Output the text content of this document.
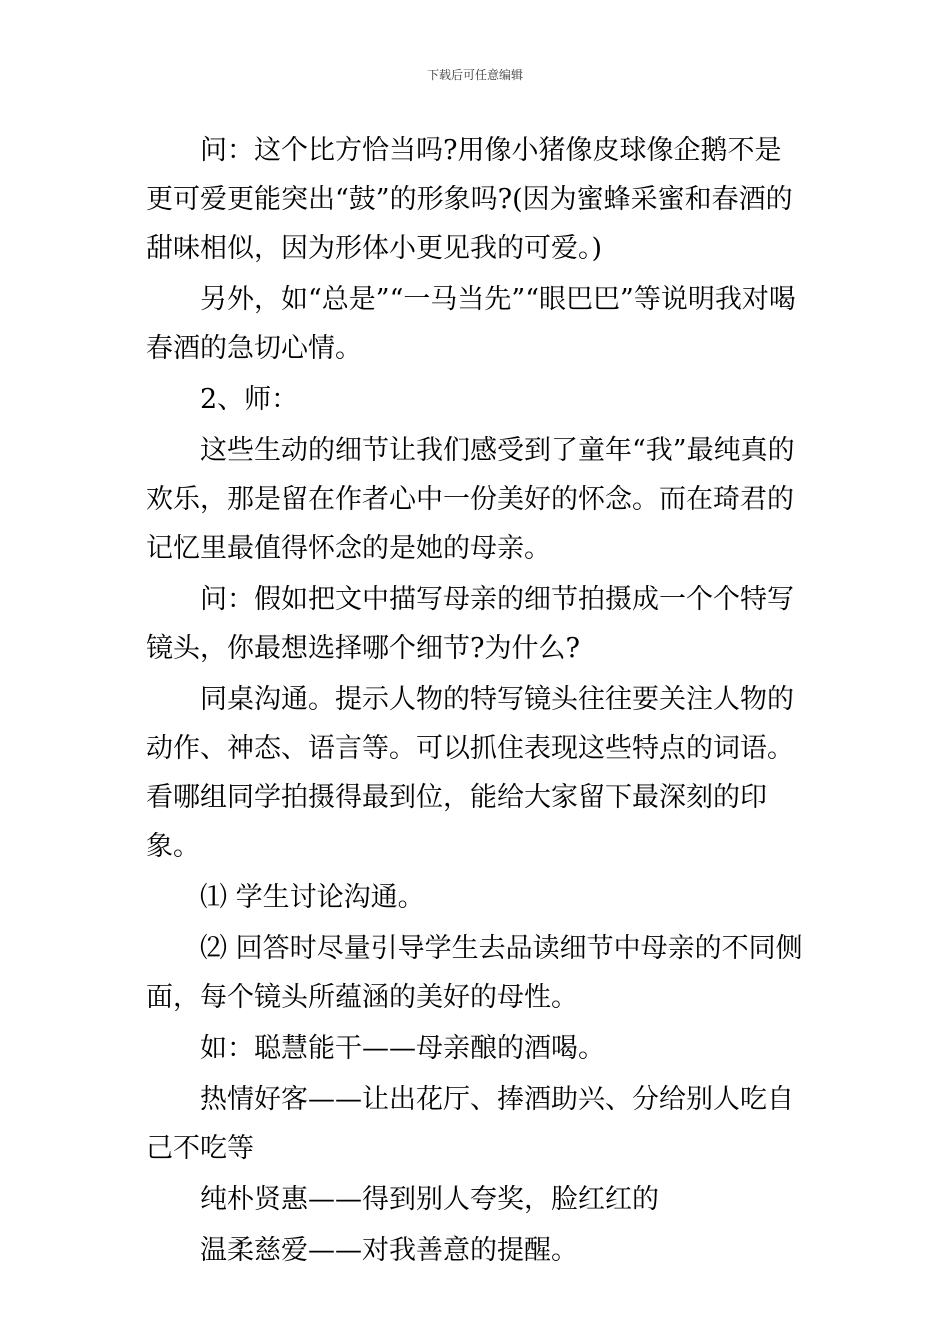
下载后可任意编辑

问：这个比方恰当吗?用像小猪像皮球像企鹅不是更可爱更能突出“鼓”的形象吗?(因为蜜蜂采蜜和春酒的甜味相似，因为形体小更见我的可爱。)

另外，如“总是”“一马当先”“眼巴巴”等说明我对喝春酒的急切心情。

2、师：

这些生动的细节让我们感受到了童年“我”最纯真的欢乐，那是留在作者心中一份美好的怀念。而在琦君的记忆里最值得怀念的是她的母亲。

问：假如把文中描写母亲的细节拍摄成一个个特写镜头，你最想选择哪个细节?为什么?

同桌沟通。提示人物的特写镜头往往要关注人物的动作、神态、语言等。可以抓住表现这些特点的词语。看哪组同学拍摄得最到位，能给大家留下最深刻的印象。

⑴ 学生讨论沟通。

⑵ 回答时尽量引导学生去品读细节中母亲的不同侧面，每个镜头所蕴涵的美好的母性。

如：聪慧能干——母亲酿的酒喝。

热情好客——让出花厅、捧酒助兴、分给别人吃自己不吃等

纯朴贤惠——得到别人夸奖，脸红红的

温柔慈爱——对我善意的提醒。
